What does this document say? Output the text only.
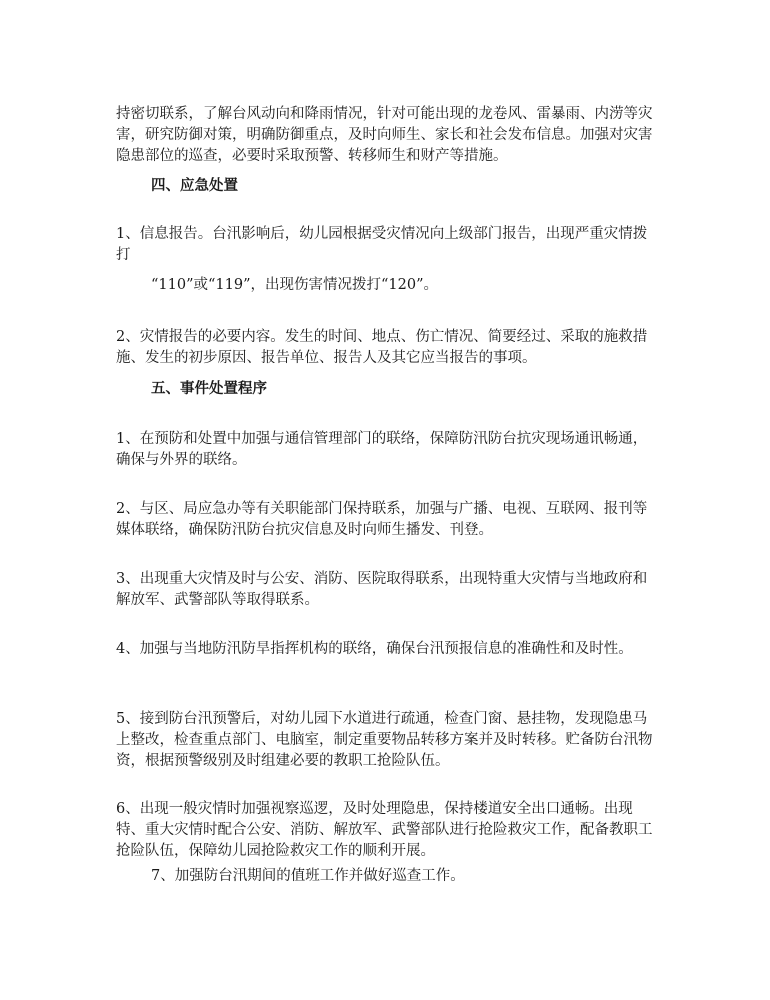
持密切联系，了解台风动向和降雨情况，针对可能出现的龙卷风、雷暴雨、内涝等灾害，研究防御对策，明确防御重点，及时向师生、家长和社会发布信息。加强对灾害隐患部位的巡查，必要时采取预警、转移师生和财产等措施。

四、应急处置

1、信息报告。台汛影响后，幼儿园根据受灾情况向上级部门报告，出现严重灾情拨打

“110”或“119”，出现伤害情况拨打“120”。

2、灾情报告的必要内容。发生的时间、地点、伤亡情况、简要经过、采取的施救措施、发生的初步原因、报告单位、报告人及其它应当报告的事项。

五、事件处置程序

1、在预防和处置中加强与通信管理部门的联络，保障防汛防台抗灾现场通讯畅通，确保与外界的联络。

2、与区、局应急办等有关职能部门保持联系，加强与广播、电视、互联网、报刊等媒体联络，确保防汛防台抗灾信息及时向师生播发、刊登。

3、出现重大灾情及时与公安、消防、医院取得联系，出现特重大灾情与当地政府和解放军、武警部队等取得联系。

4、加强与当地防汛防旱指挥机构的联络，确保台汛预报信息的准确性和及时性。

5、接到防台汛预警后，对幼儿园下水道进行疏通，检查门窗、悬挂物，发现隐患马上整改，检查重点部门、电脑室，制定重要物品转移方案并及时转移。贮备防台汛物资，根据预警级别及时组建必要的教职工抢险队伍。

6、出现一般灾情时加强视察巡逻，及时处理隐患，保持楼道安全出口通畅。出现特、重大灾情时配合公安、消防、解放军、武警部队进行抢险救灾工作，配备教职工抢险队伍，保障幼儿园抢险救灾工作的顺利开展。

7、加强防台汛期间的值班工作并做好巡查工作。
